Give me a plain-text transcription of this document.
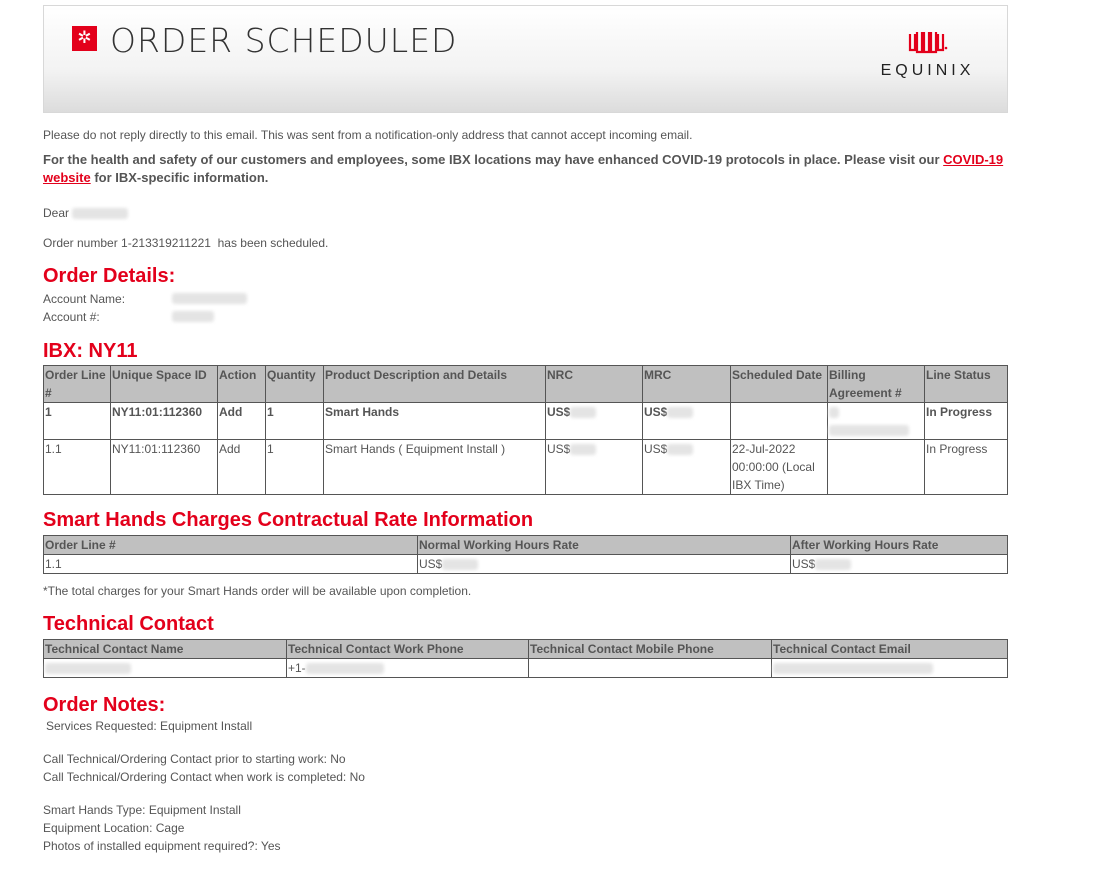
✲ ORDER SCHEDULED
EQUINIX

Please do not reply directly to this email. This was sent from a notification-only address that cannot accept incoming email.

For the health and safety of our customers and employees, some IBX locations may have enhanced COVID-19 protocols in place. Please visit our COVID-19 website for IBX-specific information.

Dear

Order number 1-213319211221 has been scheduled.

Order Details:
Account Name:
Account #:
IBX: NY11
Order Line #	Unique Space ID	Action	Quantity	Product Description and Details	NRC	MRC	Scheduled Date	Billing Agreement #	Line Status
1	NY11:01:112360	Add	1	Smart Hands	US$	US$			In Progress
1.1	NY11:01:112360	Add	1	Smart Hands ( Equipment Install )	US$	US$	22-Jul-2022 00:00:00 (Local IBX Time)		In Progress
Smart Hands Charges Contractual Rate Information
Order Line #	Normal Working Hours Rate	After Working Hours Rate
1.1	US$	US$

*The total charges for your Smart Hands order will be available upon completion.

Technical Contact
Technical Contact Name	Technical Contact Work Phone	Technical Contact Mobile Phone	Technical Contact Email
	+1-		
Order Notes:

Services Requested: Equipment Install

Call Technical/Ordering Contact prior to starting work: No

Call Technical/Ordering Contact when work is completed: No

Smart Hands Type: Equipment Install

Equipment Location: Cage

Photos of installed equipment required?: Yes
